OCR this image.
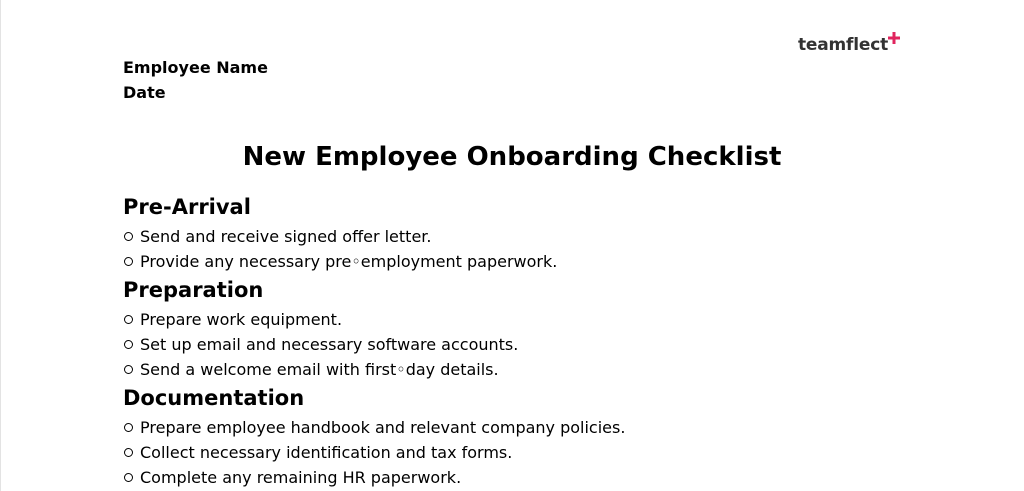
teamflect
Employee Name
Date
New Employee Onboarding Checklist
Pre-Arrival
Send and receive signed offer letter.
Provide any necessary pre◦employment paperwork.
Preparation
Prepare work equipment.
Set up email and necessary software accounts.
Send a welcome email with first◦day details.
Documentation
Prepare employee handbook and relevant company policies.
Collect necessary identification and tax forms.
Complete any remaining HR paperwork.
